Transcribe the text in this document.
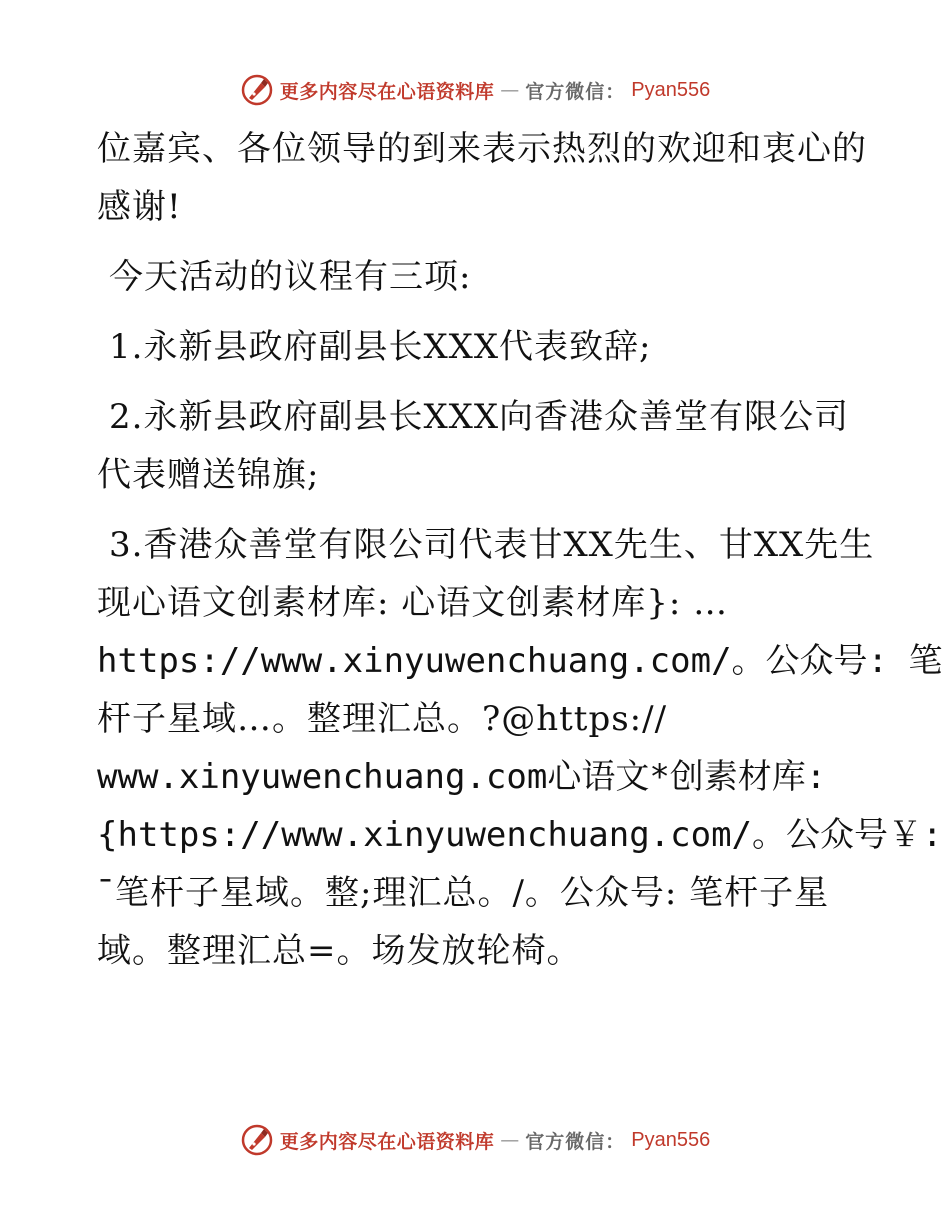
更多内容尽在心语资料库 — 官方微信： Pyan556
位嘉宾、各位领导的到来表示热烈的欢迎和衷心的
感谢!
今天活动的议程有三项:
1.永新县政府副县长XXX代表致辞;
2.永新县政府副县长XXX向香港众善堂有限公司
代表赠送锦旗;
3.香港众善堂有限公司代表甘XX先生、甘XX先生
现心语文创素材库: 心语文创素材库}: …
https://www.xinyuwenchuang.com/。公众号: 笔
杆子星域…。整理汇总。?@https://
www.xinyuwenchuang.com心语文*创素材库:
{https://www.xinyuwenchuang.com/。公众号￥:
¯笔杆子星域。整;理汇总。/。公众号: 笔杆子星
域。整理汇总=。场发放轮椅。
更多内容尽在心语资料库 — 官方微信： Pyan556
